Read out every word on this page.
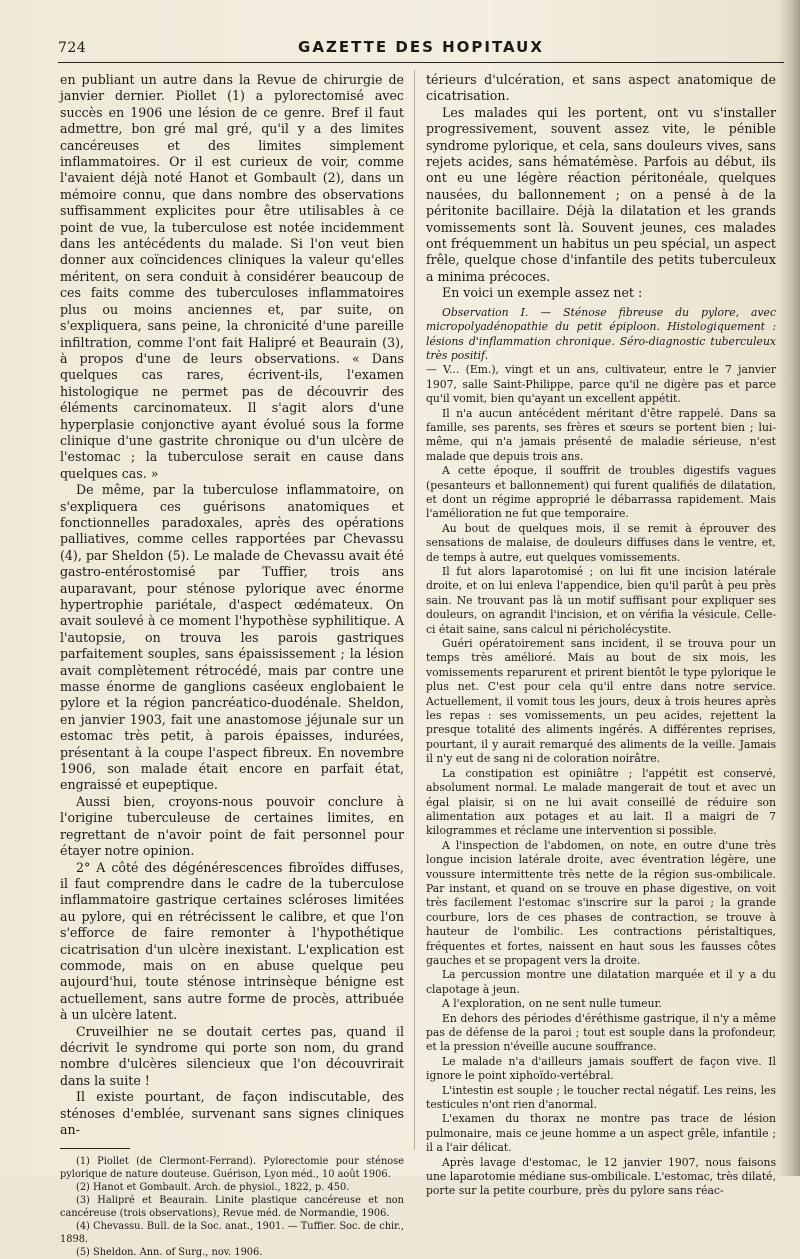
724	GAZETTE DES HOPITAUX

en publiant un autre dans la Revue de chirurgie de janvier dernier. Piollet (1) a pylorectomisé avec succès en 1906 une lésion de ce genre. Bref il faut admettre, bon gré mal gré, qu'il y a des limites cancéreuses et des limites simplement inflammatoires. Or il est curieux de voir, comme l'avaient déjà noté Hanot et Gombault (2), dans un mémoire connu, que dans nombre des observations suffisamment explicites pour être utilisables à ce point de vue, la tuberculose est notée incidemment dans les antécédents du malade. Si l'on veut bien donner aux coïncidences cliniques la valeur qu'elles méritent, on sera conduit à considérer beaucoup de ces faits comme des tuberculoses inflammatoires plus ou moins anciennes et, par suite, on s'expliquera, sans peine, la chronicité d'une pareille infiltration, comme l'ont fait Halipré et Beaurain (3), à propos d'une de leurs observations. « Dans quelques cas rares, écrivent-ils, l'examen histologique ne permet pas de découvrir des éléments carcinomateux. Il s'agit alors d'une hyperplasie conjonctive ayant évolué sous la forme clinique d'une gastrite chronique ou d'un ulcère de l'estomac ; la tuberculose serait en cause dans quelques cas. »

De même, par la tuberculose inflammatoire, on s'expliquera ces guérisons anatomiques et fonctionnelles paradoxales, après des opérations palliatives, comme celles rapportées par Chevassu (4), par Sheldon (5). Le malade de Chevassu avait été gastro-entérostomisé par Tuffier, trois ans auparavant, pour sténose pylorique avec énorme hypertrophie pariétale, d'aspect œdémateux. On avait soulevé à ce moment l'hypothèse syphilitique. A l'autopsie, on trouva les parois gastriques parfaitement souples, sans épaississement ; la lésion avait complètement rétrocédé, mais par contre une masse énorme de ganglions caséeux englobaient le pylore et la région pancréatico-duodénale. Sheldon, en janvier 1903, fait une anastomose jéjunale sur un estomac très petit, à parois épaisses, indurées, présentant à la coupe l'aspect fibreux. En novembre 1906, son malade était encore en parfait état, engraissé et eupeptique.

Aussi bien, croyons-nous pouvoir conclure à l'origine tuberculeuse de certaines limites, en regrettant de n'avoir point de fait personnel pour étayer notre opinion.

2° A côté des dégénérescences fibroïdes diffuses, il faut comprendre dans le cadre de la tuberculose inflammatoire gastrique certaines scléroses limitées au pylore, qui en rétrécissent le calibre, et que l'on s'efforce de faire remonter à l'hypothétique cicatrisation d'un ulcère inexistant. L'explication est commode, mais on en abuse quelque peu aujourd'hui, toute sténose intrinsèque bénigne est actuellement, sans autre forme de procès, attribuée à un ulcère latent.

Cruveilhier ne se doutait certes pas, quand il décrivit le syndrome qui porte son nom, du grand nombre d'ulcères silencieux que l'on découvrirait dans la suite !

Il existe pourtant, de façon indiscutable, des sténoses d'emblée, survenant sans signes cliniques an-

(1) Piollet (de Clermont-Ferrand). Pylorectomie pour sténose pylorique de nature douteuse. Guérison, Lyon méd., 10 août 1906.

(2) Hanot et Gombault. Arch. de physiol., 1822, p. 450.

(3) Halipré et Beaurain. Linite plastique cancéreuse et non cancéreuse (trois observations), Revue méd. de Normandie, 1906.

(4) Chevassu. Bull. de la Soc. anat., 1901. — Tuffier. Soc. de chir., 1898.

(5) Sheldon. Ann. of Surg., nov. 1906.

térieurs d'ulcération, et sans aspect anatomique de cicatrisation.

Les malades qui les portent, ont vu s'installer progressivement, souvent assez vite, le pénible syndrome pylorique, et cela, sans douleurs vives, sans rejets acides, sans hématémèse. Parfois au début, ils ont eu une légère réaction péritonéale, quelques nausées, du ballonnement ; on a pensé à de la péritonite bacillaire. Déjà la dilatation et les grands vomissements sont là. Souvent jeunes, ces malades ont fréquemment un habitus un peu spécial, un aspect frêle, quelque chose d'infantile des petits tuberculeux a minima précoces.

En voici un exemple assez net :

Observation I. — Sténose fibreuse du pylore, avec micropolyadénopathie du petit épiploon. Histologiquement : lésions d'inflammation chronique. Séro-diagnostic tuberculeux très positif.

— V... (Em.), vingt et un ans, cultivateur, entre le 7 janvier 1907, salle Saint-Philippe, parce qu'il ne digère pas et parce qu'il vomit, bien qu'ayant un excellent appétit.

Il n'a aucun antécédent méritant d'être rappelé. Dans sa famille, ses parents, ses frères et sœurs se portent bien ; lui-même, qui n'a jamais présenté de maladie sérieuse, n'est malade que depuis trois ans.

A cette époque, il souffrit de troubles digestifs vagues (pesanteurs et ballonnement) qui furent qualifiés de dilatation, et dont un régime approprié le débarrassa rapidement. Mais l'amélioration ne fut que temporaire.

Au bout de quelques mois, il se remit à éprouver des sensations de malaise, de douleurs diffuses dans le ventre, et, de temps à autre, eut quelques vomissements.

Il fut alors laparotomisé ; on lui fit une incision latérale droite, et on lui enleva l'appendice, bien qu'il parût à peu près sain. Ne trouvant pas là un motif suffisant pour expliquer ses douleurs, on agrandit l'incision, et on vérifia la vésicule. Celle-ci était saine, sans calcul ni péricholécystite.

Guéri opératoirement sans incident, il se trouva pour un temps très amélioré. Mais au bout de six mois, les vomissements reparurent et prirent bientôt le type pylorique le plus net. C'est pour cela qu'il entre dans notre service. Actuellement, il vomit tous les jours, deux à trois heures après les repas : ses vomissements, un peu acides, rejettent la presque totalité des aliments ingérés. A différentes reprises, pourtant, il y aurait remarqué des aliments de la veille. Jamais il n'y eut de sang ni de coloration noirâtre.

La constipation est opiniâtre ; l'appétit est conservé, absolument normal. Le malade mangerait de tout et avec un égal plaisir, si on ne lui avait conseillé de réduire son alimentation aux potages et au lait. Il a maigri de 7 kilogrammes et réclame une intervention si possible.

A l'inspection de l'abdomen, on note, en outre d'une très longue incision latérale droite, avec éventration légère, une voussure intermittente très nette de la région sus-ombilicale. Par instant, et quand on se trouve en phase digestive, on voit très facilement l'estomac s'inscrire sur la paroi ; la grande courbure, lors de ces phases de contraction, se trouve à hauteur de l'ombilic. Les contractions péristaltiques, fréquentes et fortes, naissent en haut sous les fausses côtes gauches et se propagent vers la droite.

La percussion montre une dilatation marquée et il y a du clapotage à jeun.

A l'exploration, on ne sent nulle tumeur.

En dehors des périodes d'éréthisme gastrique, il n'y a même pas de défense de la paroi ; tout est souple dans la profondeur, et la pression n'éveille aucune souffrance.

Le malade n'a d'ailleurs jamais souffert de façon vive. Il ignore le point xiphoïdo-vertébral.

L'intestin est souple ; le toucher rectal négatif. Les reins, les testicules n'ont rien d'anormal.

L'examen du thorax ne montre pas trace de lésion pulmonaire, mais ce jeune homme a un aspect grêle, infantile ; il a l'air délicat.

Après lavage d'estomac, le 12 janvier 1907, nous faisons une laparotomie médiane sus-ombilicale. L'estomac, très dilaté, porte sur la petite courbure, près du pylore sans réac-
